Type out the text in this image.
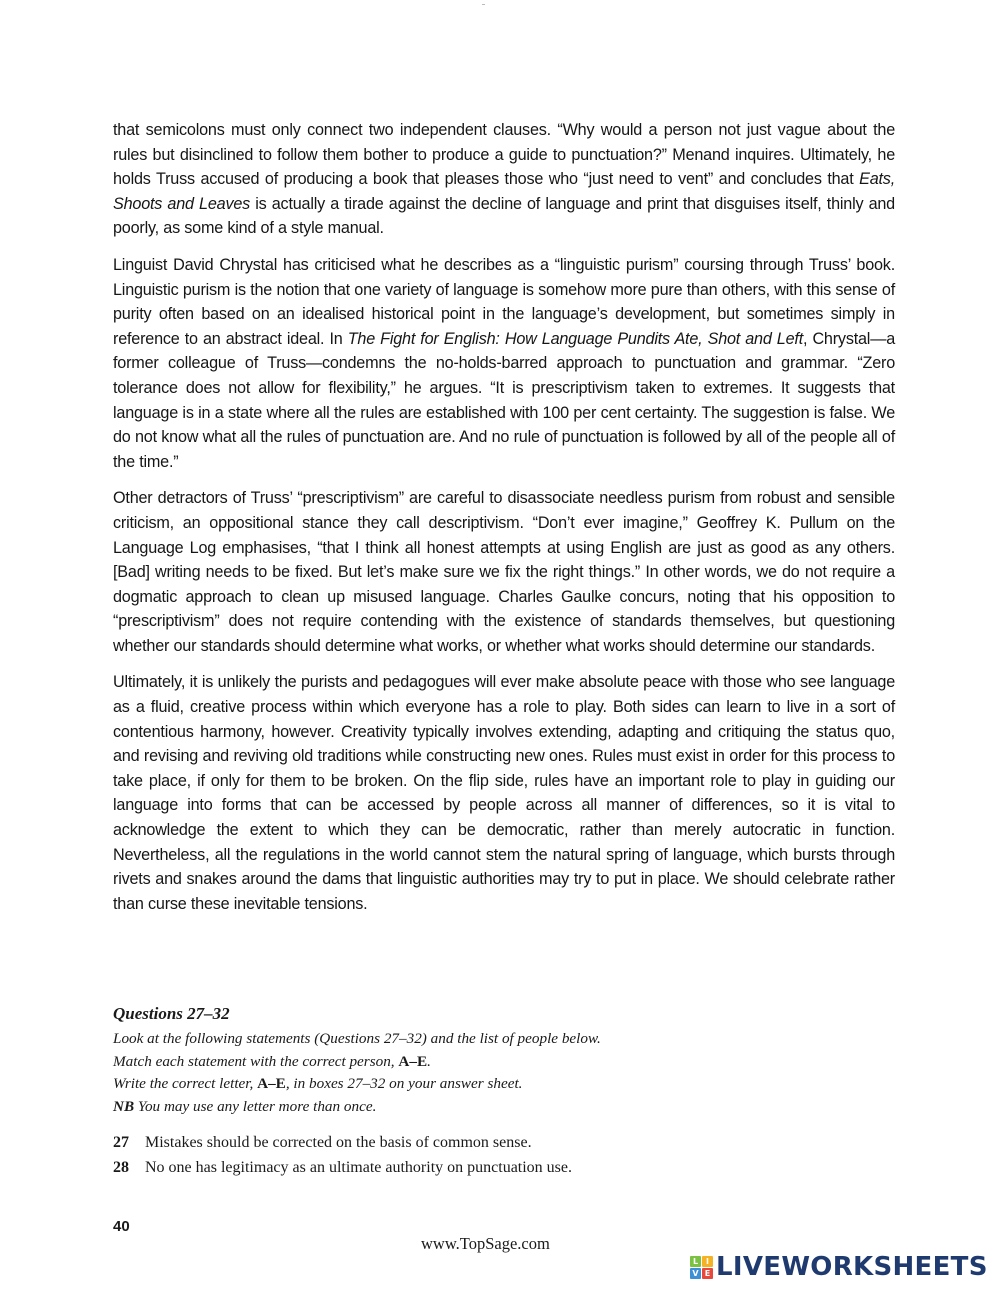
that semicolons must only connect two independent clauses. “Why would a person not just vague about the rules but disinclined to follow them bother to produce a guide to punctuation?” Menand inquires. Ultimately, he holds Truss accused of producing a book that pleases those who “just need to vent” and concludes that Eats, Shoots and Leaves is actually a tirade against the decline of language and print that disguises itself, thinly and poorly, as some kind of a style manual.

Linguist David Chrystal has criticised what he describes as a “linguistic purism” coursing through Truss’ book. Linguistic purism is the notion that one variety of language is somehow more pure than others, with this sense of purity often based on an idealised historical point in the language’s development, but sometimes simply in reference to an abstract ideal. In The Fight for English: How Language Pundits Ate, Shot and Left, Chrystal—a former colleague of Truss—condemns the no-holds-barred approach to punctuation and grammar. “Zero tolerance does not allow for flexibility,” he argues. “It is prescriptivism taken to extremes. It suggests that language is in a state where all the rules are established with 100 per cent certainty. The suggestion is false. We do not know what all the rules of punctuation are. And no rule of punctuation is followed by all of the people all of the time.”

Other detractors of Truss’ “prescriptivism” are careful to disassociate needless purism from robust and sensible criticism, an oppositional stance they call descriptivism. “Don’t ever imagine,” Geoffrey K. Pullum on the Language Log emphasises, “that I think all honest attempts at using English are just as good as any others. [Bad] writing needs to be fixed. But let’s make sure we fix the right things.” In other words, we do not require a dogmatic approach to clean up misused language. Charles Gaulke concurs, noting that his opposition to “prescriptivism” does not require contending with the existence of standards themselves, but questioning whether our standards should determine what works, or whether what works should determine our standards.

Ultimately, it is unlikely the purists and pedagogues will ever make absolute peace with those who see language as a fluid, creative process within which everyone has a role to play. Both sides can learn to live in a sort of contentious harmony, however. Creativity typically involves extending, adapting and critiquing the status quo, and revising and reviving old traditions while constructing new ones. Rules must exist in order for this process to take place, if only for them to be broken. On the flip side, rules have an important role to play in guiding our language into forms that can be accessed by people across all manner of differences, so it is vital to acknowledge the extent to which they can be democratic, rather than merely autocratic in function. Nevertheless, all the regulations in the world cannot stem the natural spring of language, which bursts through rivets and snakes around the dams that linguistic authorities may try to put in place. We should celebrate rather than curse these inevitable tensions.

Questions 27–32

Look at the following statements (Questions 27–32) and the list of people below.

Match each statement with the correct person, A–E.

Write the correct letter, A–E, in boxes 27–32 on your answer sheet.

NB You may use any letter more than once.

27	Mistakes should be corrected on the basis of common sense.
28	No one has legitimacy as an ultimate authority on punctuation use.
40
www.TopSage.com
L I
V E LIVEWORKSHEETS
